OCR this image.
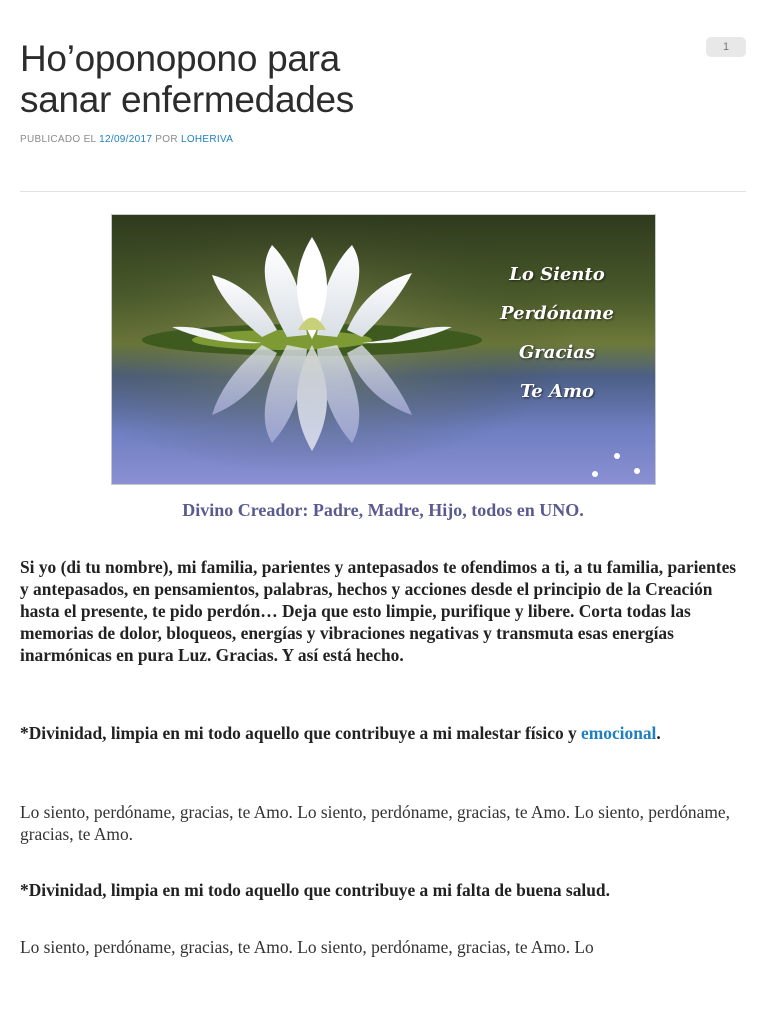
Ho’oponopono para
sanar enfermedades
1
PUBLICADO EL 12/09/2017 POR LOHERIVA
Lo Siento
Perdóname
Gracias
Te Amo
Divino Creador: Padre, Madre, Hijo, todos en UNO.

Si yo (di tu nombre), mi familia, parientes y antepasados te ofendimos a ti, a tu familia, parientes y antepasados, en pensamientos, palabras, hechos y acciones desde el principio de la Creación hasta el presente, te pido perdón… Deja que esto limpie, purifique y libere. Corta todas las memorias de dolor, bloqueos, energías y vibraciones negativas y transmuta esas energías inarmónicas en pura Luz. Gracias. Y así está hecho.

*Divinidad, limpia en mi todo aquello que contribuye a mi malestar físico y emocional.

Lo siento, perdóname, gracias, te Amo. Lo siento, perdóname, gracias, te Amo. Lo siento, perdóname, gracias, te Amo.

*Divinidad, limpia en mi todo aquello que contribuye a mi falta de buena salud.

Lo siento, perdóname, gracias, te Amo. Lo siento, perdóname, gracias, te Amo. Lo
